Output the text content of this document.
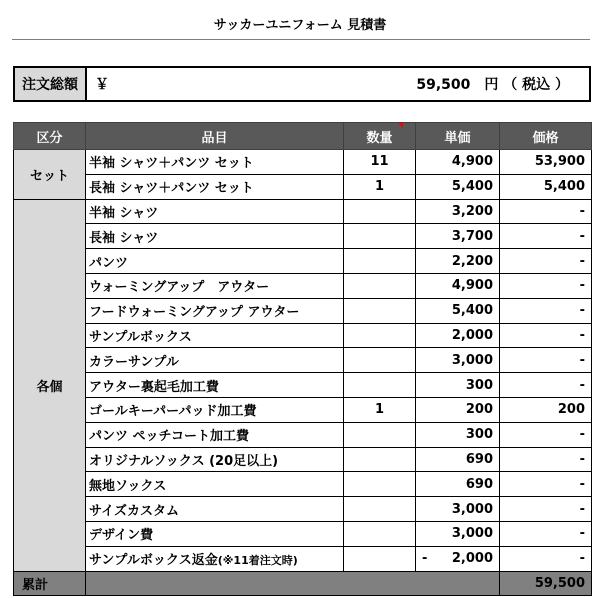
サッカーユニフォーム 見積書
注文総額	￥	59,500　円 （ 税込 ）
区分	品目	数量	単価	価格
セット	半袖 シャツ＋パンツ セット	11	4,900	53,900
	長袖 シャツ＋パンツ セット	1	5,400	5,400
各個	半袖 シャツ		3,200	-
	長袖 シャツ		3,700	-
	パンツ		2,200	-
	ウォーミングアップ　アウター		4,900	-
	フードウォーミングアップ アウター		5,400	-
	サンプルボックス		2,000	-
	カラーサンプル		3,000	-
	アウター裏起毛加工費		300	-
	ゴールキーパーパッド加工費	1	200	200
	パンツ ペッチコート加工費		300	-
	オリジナルソックス (20足以上)		690	-
	無地ソックス		690	-
	サイズカスタム		3,000	-
	デザイン費		3,000	-
	サンプルボックス返金(※11着注文時)		- 2,000	-
累計				59,500
